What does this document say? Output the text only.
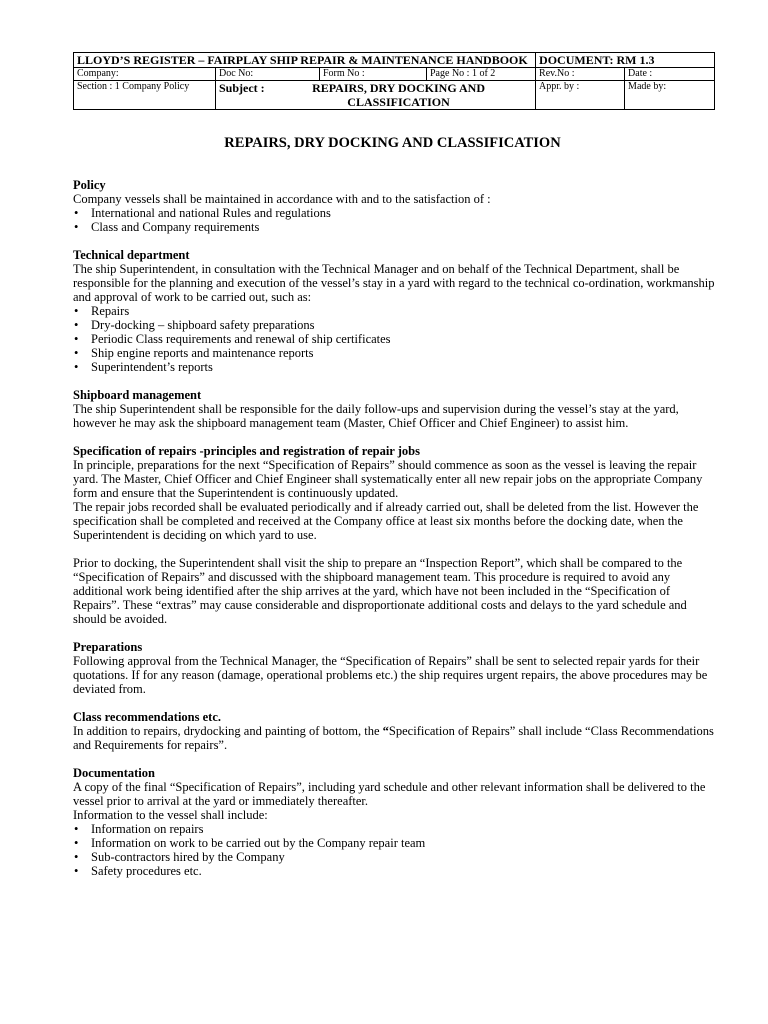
LLOYD’S REGISTER – FAIRPLAY SHIP REPAIR & MAINTENANCE HANDBOOK				DOCUMENT: RM 1.3	
Company:	Doc No:	Form No :	Page No : 1 of 2	Rev.No :	Date :
Section : 1 Company Policy	Subject : REPAIRS, DRY DOCKING AND CLASSIFICATION			Appr. by :	Made by:
REPAIRS, DRY DOCKING AND CLASSIFICATION
Policy

Company vessels shall be maintained in accordance with and to the satisfaction of :

• International and national Rules and regulations
• Class and Company requirements
Technical department

The ship Superintendent, in consultation with the Technical Manager and on behalf of the Technical Department, shall be responsible for the planning and execution of the vessel’s stay in a yard with regard to the technical co-ordination, workmanship and approval of work to be carried out, such as:

• Repairs
• Dry-docking – shipboard safety preparations
• Periodic Class requirements and renewal of ship certificates
• Ship engine reports and maintenance reports
• Superintendent’s reports
Shipboard management

The ship Superintendent shall be responsible for the daily follow-ups and supervision during the vessel’s stay at the yard, however he may ask the shipboard management team (Master, Chief Officer and Chief Engineer) to assist him.

Specification of repairs -principles and registration of repair jobs

In principle, preparations for the next “Specification of Repairs” should commence as soon as the vessel is leaving the repair yard. The Master, Chief Officer and Chief Engineer shall systematically enter all new repair jobs on the appropriate Company form and ensure that the Superintendent is continuously updated.

The repair jobs recorded shall be evaluated periodically and if already carried out, shall be deleted from the list. However the specification shall be completed and received at the Company office at least six months before the docking date, when the Superintendent is deciding on which yard to use.

Prior to docking, the Superintendent shall visit the ship to prepare an “Inspection Report”, which shall be compared to the “Specification of Repairs” and discussed with the shipboard management team. This procedure is required to avoid any additional work being identified after the ship arrives at the yard, which have not been included in the “Specification of Repairs”. These “extras” may cause considerable and disproportionate additional costs and delays to the yard schedule and should be avoided.

Preparations

Following approval from the Technical Manager, the “Specification of Repairs” shall be sent to selected repair yards for their quotations. If for any reason (damage, operational problems etc.) the ship requires urgent repairs, the above procedures may be deviated from.

Class recommendations etc.

In addition to repairs, drydocking and painting of bottom, the “Specification of Repairs” shall include “Class Recommendations and Requirements for repairs”.

Documentation

A copy of the final “Specification of Repairs”, including yard schedule and other relevant information shall be delivered to the vessel prior to arrival at the yard or immediately thereafter.

Information to the vessel shall include:

• Information on repairs
• Information on work to be carried out by the Company repair team
• Sub-contractors hired by the Company
• Safety procedures etc.
